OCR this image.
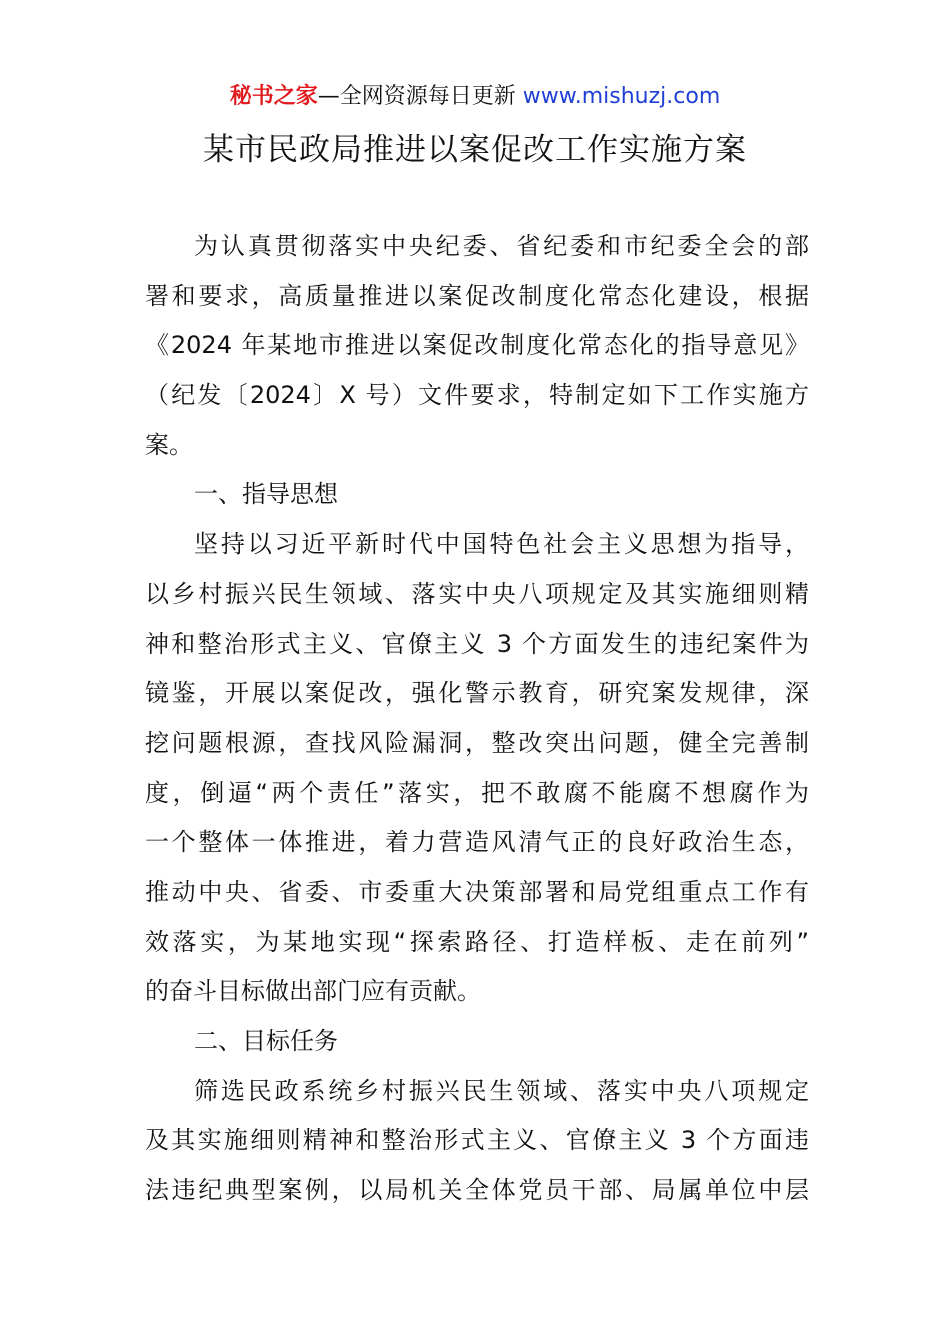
秘书之家—全网资源每日更新 www.mishuzj.com
某市民政局推进以案促改工作实施方案
为认真贯彻落实中央纪委、省纪委和市纪委全会的部
署和要求，高质量推进以案促改制度化常态化建设，根据
《2024 年某地市推进以案促改制度化常态化的指导意见》
（纪发〔2024〕X 号）文件要求，特制定如下工作实施方
案。
一、指导思想
坚持以习近平新时代中国特色社会主义思想为指导，
以乡村振兴民生领域、落实中央八项规定及其实施细则精
神和整治形式主义、官僚主义 3 个方面发生的违纪案件为
镜鉴，开展以案促改，强化警示教育，研究案发规律，深
挖问题根源，查找风险漏洞，整改突出问题，健全完善制
度，倒逼“两个责任”落实，把不敢腐不能腐不想腐作为
一个整体一体推进，着力营造风清气正的良好政治生态，
推动中央、省委、市委重大决策部署和局党组重点工作有
效落实，为某地实现“探索路径、打造样板、走在前列”
的奋斗目标做出部门应有贡献。
二、目标任务
筛选民政系统乡村振兴民生领域、落实中央八项规定
及其实施细则精神和整治形式主义、官僚主义 3 个方面违
法违纪典型案例，以局机关全体党员干部、局属单位中层
